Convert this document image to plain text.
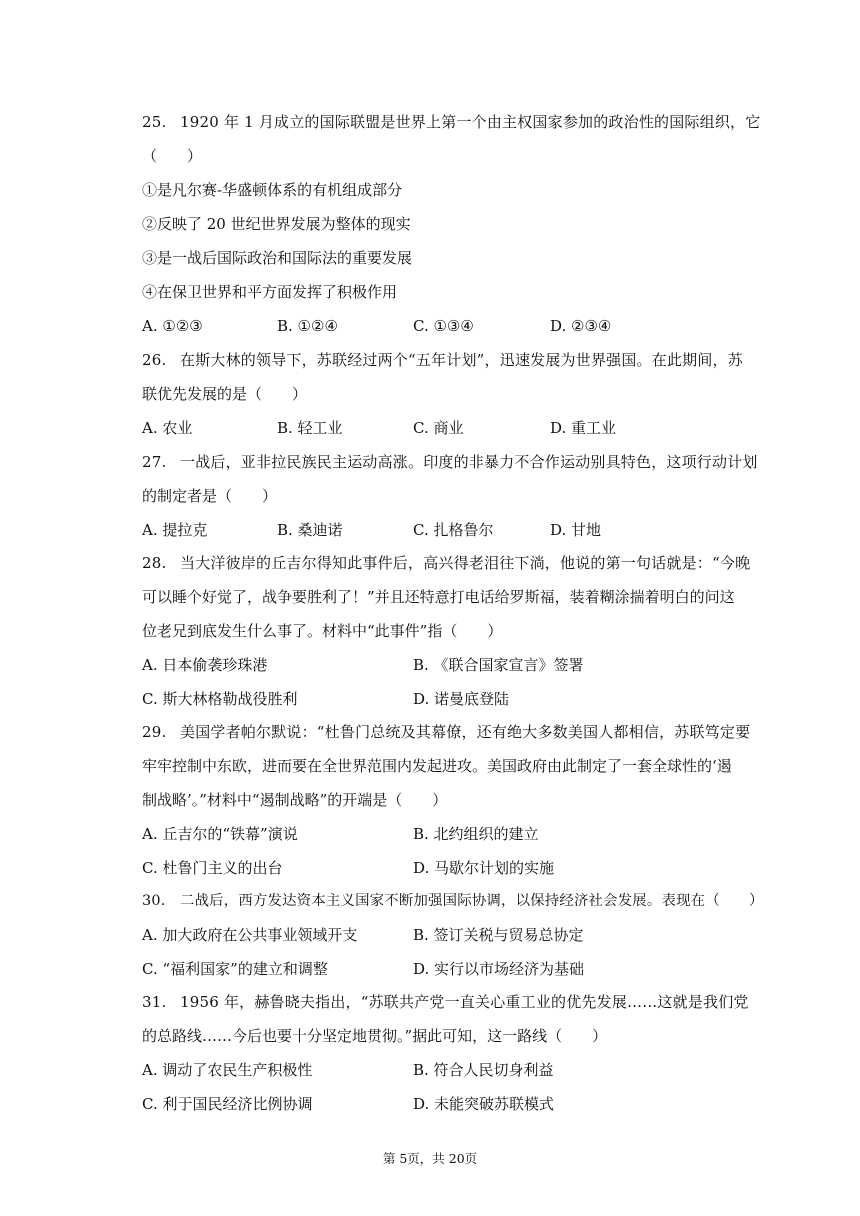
25. 1920 年 1 月成立的国际联盟是世界上第一个由主权国家参加的政治性的国际组织，它
（　　）
①是凡尔赛-华盛顿体系的有机组成部分
②反映了 20 世纪世界发展为整体的现实
③是一战后国际政治和国际法的重要发展
④在保卫世界和平方面发挥了积极作用
A. ①②③	B. ①②④	C. ①③④	D. ②③④
26. 在斯大林的领导下，苏联经过两个“五年计划”，迅速发展为世界强国。在此期间，苏
联优先发展的是（　　）
A. 农业	B. 轻工业	C. 商业	D. 重工业
27. 一战后，亚非拉民族民主运动高涨。印度的非暴力不合作运动别具特色，这项行动计划
的制定者是（　　）
A. 提拉克	B. 桑迪诺	C. 扎格鲁尔	D. 甘地
28. 当大洋彼岸的丘吉尔得知此事件后，高兴得老泪往下淌，他说的第一句话就是：“今晚
可以睡个好觉了，战争要胜利了！”并且还特意打电话给罗斯福，装着糊涂揣着明白的问这
位老兄到底发生什么事了。材料中“此事件”指（　　）
A. 日本偷袭珍珠港	B. 《联合国家宣言》签署
C. 斯大林格勒战役胜利	D. 诺曼底登陆
29. 美国学者帕尔默说：“杜鲁门总统及其幕僚，还有绝大多数美国人都相信，苏联笃定要
牢牢控制中东欧，进而要在全世界范围内发起进攻。美国政府由此制定了一套全球性的‘遏
制战略’。”材料中“遏制战略”的开端是（　　）
A. 丘吉尔的“铁幕”演说	B. 北约组织的建立
C. 杜鲁门主义的出台	D. 马歇尔计划的实施
30. 二战后，西方发达资本主义国家不断加强国际协调，以保持经济社会发展。表现在（　　）
A. 加大政府在公共事业领域开支	B. 签订关税与贸易总协定
C. “福利国家”的建立和调整	D. 实行以市场经济为基础
31. 1956 年，赫鲁晓夫指出，“苏联共产党一直关心重工业的优先发展……这就是我们党
的总路线……今后也要十分坚定地贯彻。”据此可知，这一路线（　　）
A. 调动了农民生产积极性	B. 符合人民切身利益
C. 利于国民经济比例协调	D. 未能突破苏联模式
第 5页，共 20页
